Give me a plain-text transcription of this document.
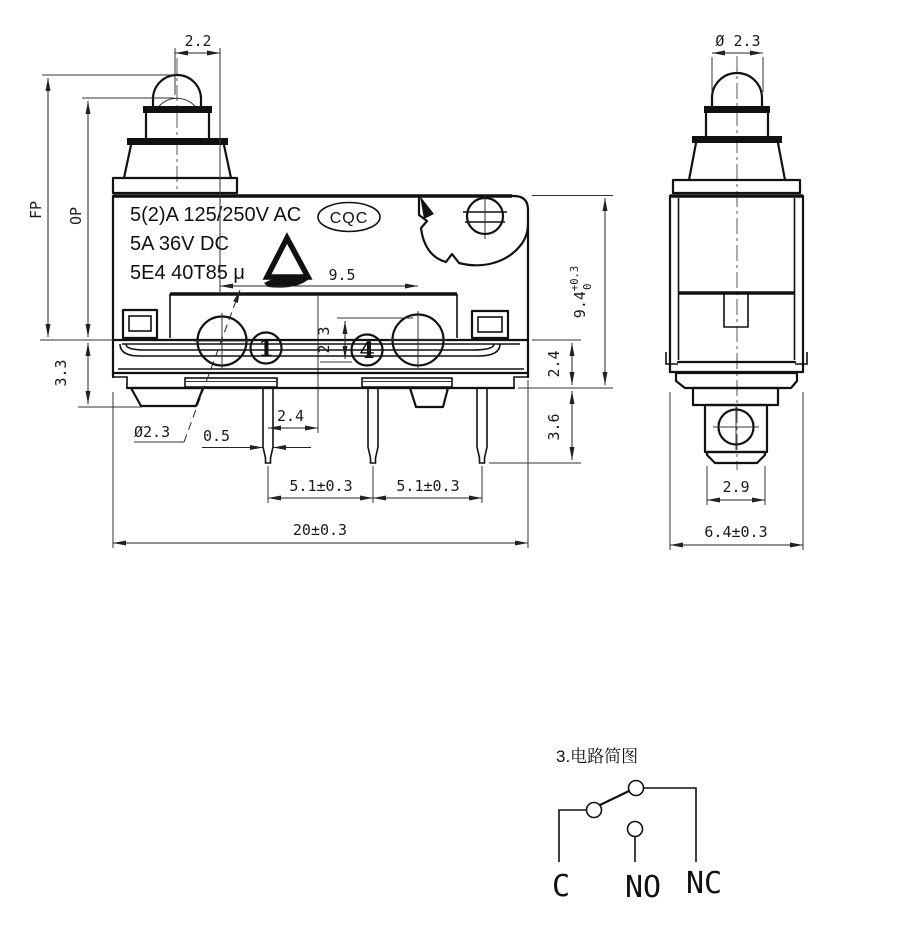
1	4
5(2)A 125/250V AC
5A 36V DC
5E4 40T85 μ
CQC
2.2
FP OP
3.3
9.5
2.3
Ø2.3 0.5
2.4
5.1±0.3	5.1±0.3
20±0.3
$9.4^{+0.3}0$
2.4
3.6
Ø 2.3
2.9
6.4±0.3
3.电路简图
C NO NC
